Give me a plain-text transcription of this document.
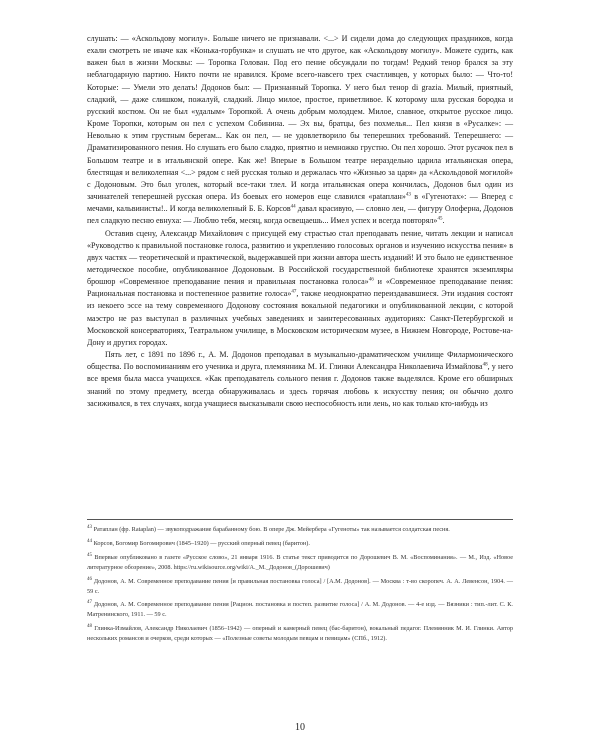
слушать: — «Аскольдову могилу». Больше ничего не признавали. <...> И сидели дома до следующих праздников, когда ехали смотреть не иначе как «Конька-горбунка» и слушать не что другое, как «Аскольдову могилу». Можете судить, как важен был в жизни Москвы: — Торопка Голован. Под его пение обсуждали по тогдам! Редкий тенор брался за эту неблагодарную партию. Никто почти не нравился. Кроме всего-навсего трех счастливцев, у которых было: — Что-то! Которые: — Умели это делать! Додонов был: — Признанный Торопка. У него был тенор di grazia. Милый, приятный, сладкий, — даже слишком, пожалуй, сладкий. Лицо милое, простое, приветливое. К которому шла русская бородка и русский костюм. Он не был «удалым» Торопкой. А очень добрым молодцем. Милое, славное, открытое русское лицо. Кроме Торопки, которым он пел с успехом Собинина. — Эх вы, братцы, без похмелья... Пел князя в «Русалке»: — Невольно к этим грустным берегам... Как он пел, — не удовлетворило бы теперешних требований. Теперешнего: — Драматизированного пения. Но слушать его было сладко, приятно и немножко грустно. Он пел хорошо. Этот русачок пел в Большом театре и в итальянской опере. Как же! Вперые в Большом театре нераздельно царила итальянская опера, блестящая и великолепная <...> рядом с ней русская только и держалась что «Жизнью за царя» да «Аскольдовой могилой» с Додоновым. Это был уголек, который все-таки тлел. И когда итальянская опера кончилась, Додонов был один из зачинателей теперешней русская опера. Из боевых его номеров еще славился «рatаплан»$^{43}$ в «Гугенотах»: — Вперед с мечами, кальвинисты!.. И когда великолепный Б. Б. Корсов$^{44}$ давал красивую, — словно лен, — фигуру Олоферна, Додонов пел сладкую песню евнуха: — Люблю тебя, месяц, когда освещаешь... Имел успех и всегда повторял»$^{45}$.

Оставив сцену, Александр Михайлович с присущей ему страстью стал преподавать пение, читать лекции и написал «Руководство к правильной постановке голоса, развитию и укреплению голосовых органов и изучению искусства пения» в двух частях — теоретической и практической, выдержавшей при жизни автора шесть изданий! И это было не единственное методическое пособие, опубликованное Додоновым. В Российской государственной библиотеке хранятся экземпляры брошюр «Современное преподавание пения и правильная постановка голоса»$^{46}$ и «Современное преподавание пения: Рациональная постановка и постепенное развитие голоса»$^{47}$, также неоднократно переиздававшиеся. Эти издания состоят из некоего эссе на тему современного Додонову состояния вокальной педагогики и опубликованной лекции, с которой маэстро не раз выступал в различных учебных заведениях и заинтересованных аудиториях: Санкт-Петербургской и Московской консерваториях, Театральном училище, в Московском историческом музее, в Нижнем Новгороде, Ростове-на-Дону и других городах.

Пять лет, с 1891 по 1896 г., А. М. Додонов преподавал в музыкально-драматическом училище Филармонического общества. По воспоминаниям его ученика и друга, племянника М. И. Глинки Александра Николаевича Измайлова$^{48}$, у него все время была масса учащихся. «Как преподаватель сольного пения г. Додонов также выделялся. Кроме его обширных знаний по этому предмету, всегда обнаруживалась и здесь горячая любовь к искусству пения; он обычно долго засиживался, в тех случаях, когда учащиеся высказывали свою неспособность или лень, но как только кто-нибудь из

$^{43}$ Ратаплан (фр. Rataplan) — звукоподражание барабанному бою. В опере Дж. Мейербера «Гугеноты» так называется солдатская песня.

$^{44}$ Корсов, Богомир Богомирович (1845–1920) — русский оперный певец (баритон).

$^{45}$ Впервые опубликовано в газете «Русское слово», 21 января 1916. В статье текст приводится по Дорошевич В. М. «Воспоминания». — М., Изд. «Новое литературное обозрение», 2008. https://ru.wikisource.org/wiki/А._М._Додонов_(Дорошевич)

$^{46}$ Додонов, А. М. Современное преподавание пения [и правильная постановка голоса] / [А.М. Додонов]. — Москва : т-во скоропеч. А. А. Левенсон, 1904. — 59 с.

$^{47}$ Додонов, А. М. Современное преподавание пения [Рацион. постановка и постеп. развитие голоса] / А. М. Додонов. — 4-е изд. — Вязники : тип.-лит. С. К. Матренинского, 1911. — 59 с.

$^{48}$ Глинка-Измайлов, Александр Николаевич (1856–1942) — оперный и камерный певец (бас-баритон), вокальный педагог. Племянник М. И. Глинки. Автор нескольких романсов и очерков, среди которых — «Полезные советы молодым певцам и певицам» (СПб., 1912).

10
